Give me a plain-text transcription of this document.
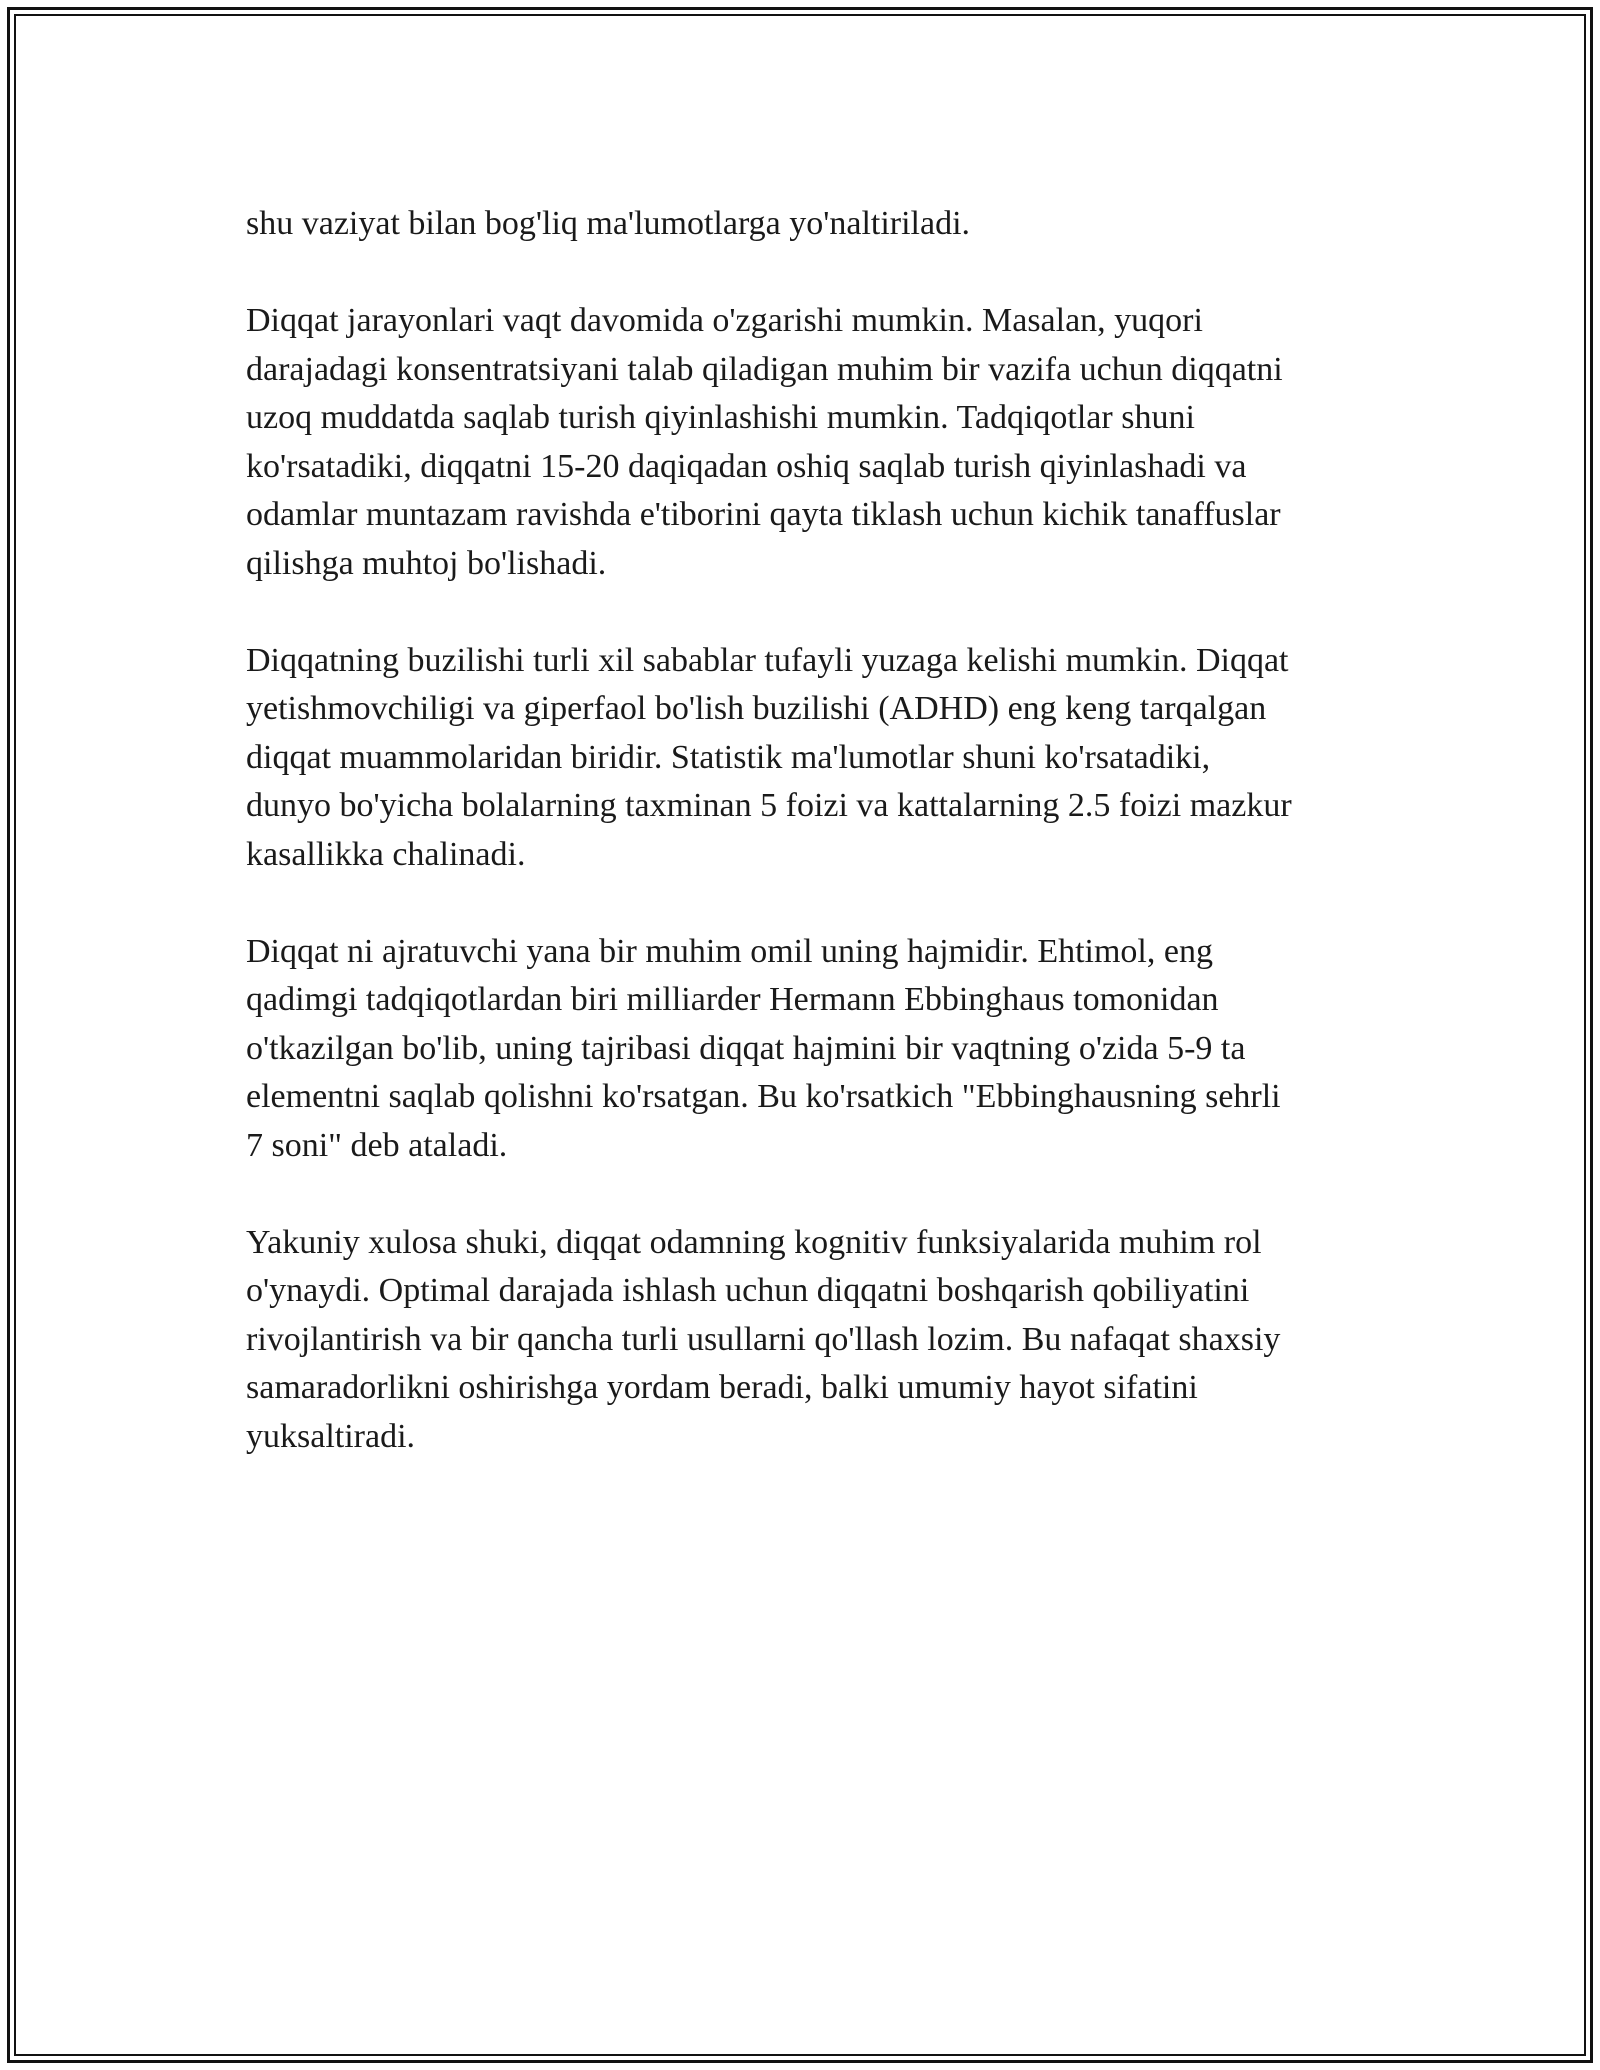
shu vaziyat bilan bog'liq ma'lumotlarga yo'naltiriladi.

Diqqat jarayonlari vaqt davomida o'zgarishi mumkin. Masalan, yuqori
darajadagi konsentratsiyani talab qiladigan muhim bir vazifa uchun diqqatni
uzoq muddatda saqlab turish qiyinlashishi mumkin. Tadqiqotlar shuni
ko'rsatadiki, diqqatni 15-20 daqiqadan oshiq saqlab turish qiyinlashadi va
odamlar muntazam ravishda e'tiborini qayta tiklash uchun kichik tanaffuslar
qilishga muhtoj bo'lishadi.

Diqqatning buzilishi turli xil sabablar tufayli yuzaga kelishi mumkin. Diqqat
yetishmovchiligi va giperfaol bo'lish buzilishi (ADHD) eng keng tarqalgan
diqqat muammolaridan biridir. Statistik ma'lumotlar shuni ko'rsatadiki,
dunyo bo'yicha bolalarning taxminan 5 foizi va kattalarning 2.5 foizi mazkur
kasallikka chalinadi.

Diqqat ni ajratuvchi yana bir muhim omil uning hajmidir. Ehtimol, eng
qadimgi tadqiqotlardan biri milliarder Hermann Ebbinghaus tomonidan
o'tkazilgan bo'lib, uning tajribasi diqqat hajmini bir vaqtning o'zida 5-9 ta
elementni saqlab qolishni ko'rsatgan. Bu ko'rsatkich "Ebbinghausning sehrli
7 soni" deb ataladi.

Yakuniy xulosa shuki, diqqat odamning kognitiv funksiyalarida muhim rol
o'ynaydi. Optimal darajada ishlash uchun diqqatni boshqarish qobiliyatini
rivojlantirish va bir qancha turli usullarni qo'llash lozim. Bu nafaqat shaxsiy
samaradorlikni oshirishga yordam beradi, balki umumiy hayot sifatini
yuksaltiradi.
